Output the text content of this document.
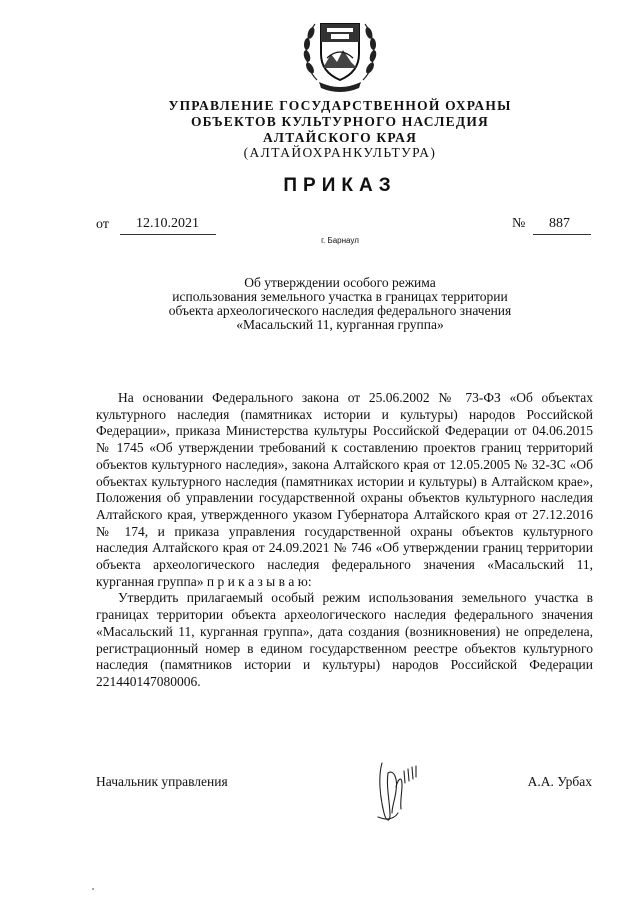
УПРАВЛЕНИЕ ГОСУДАРСТВЕННОЙ ОХРАНЫ
ОБЪЕКТОВ КУЛЬТУРНОГО НАСЛЕДИЯ
АЛТАЙСКОГО КРАЯ
(АЛТАЙОХРАНКУЛЬТУРА)
ПРИКАЗ
от 12.10.2021	№ 887
г. Барнаул
Об утверждении особого режима
использования земельного участка в границах территории
объекта археологического наследия федерального значения
«Масальский 11, курганная группа»

На основании Федерального закона от 25.06.2002 № 73-ФЗ «Об объектах культурного наследия (памятниках истории и культуры) народов Российской Федерации», приказа Министерства культуры Российской Федерации от 04.06.2015 № 1745 «Об утверждении требований к составлению проектов границ территорий объектов культурного наследия», закона Алтайского края от 12.05.2005 № 32-ЗС «Об объектах культурного наследия (памятниках истории и культуры) в Алтайском крае», Положения об управлении государственной охраны объектов культурного наследия Алтайского края, утвержденного указом Губернатора Алтайского края от 27.12.2016 № 174, и приказа управления государственной охраны объектов культурного наследия Алтайского края от 24.09.2021 № 746 «Об утверждении границ территории объекта археологического наследия федерального значения «Масальский 11, курганная группа» п р и к а з ы в а ю:

Утвердить прилагаемый особый режим использования земельного участка в границах территории объекта археологического наследия федерального значения «Масальский 11, курганная группа», дата создания (возникновения) не определена, регистрационный номер в едином государственном реестре объектов культурного наследия (памятников истории и культуры) народов Российской Федерации 221440147080006.

Начальник управления	А.А. Урбах
